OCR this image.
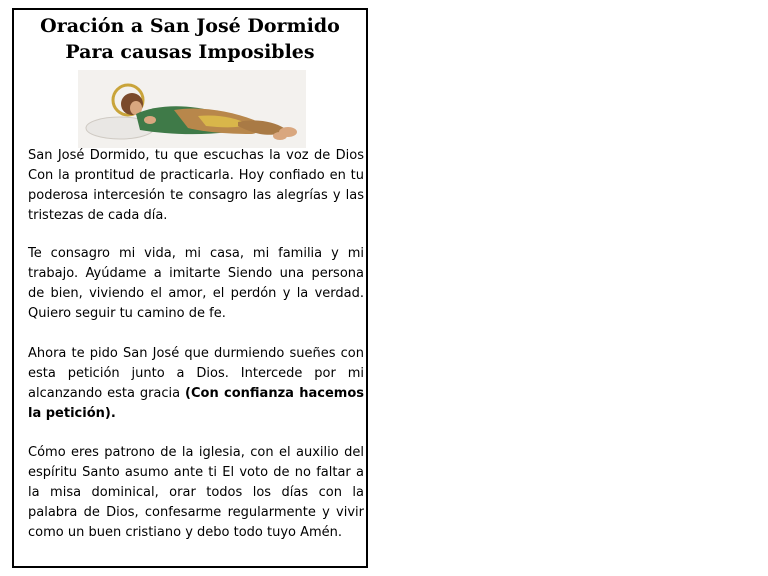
Oración a San José Dormido
Para causas Imposibles

San José Dormido, tu que escuchas la voz de Dios Con la prontitud de practicarla. Hoy confiado en tu poderosa intercesión te consagro las alegrías y las tristezas de cada día.

Te consagro mi vida, mi casa, mi familia y mi trabajo. Ayúdame a imitarte Siendo una persona de bien, viviendo el amor, el perdón y la verdad. Quiero seguir tu camino de fe.

Ahora te pido San José que durmiendo sueñes con esta petición junto a Dios. Intercede por mi alcanzando esta gracia (Con confianza hacemos la petición).

Cómo eres patrono de la iglesia, con el auxilio del espíritu Santo asumo ante ti El voto de no faltar a la misa dominical, orar todos los días con la palabra de Dios, confesarme regularmente y vivir como un buen cristiano y debo todo tuyo Amén.
